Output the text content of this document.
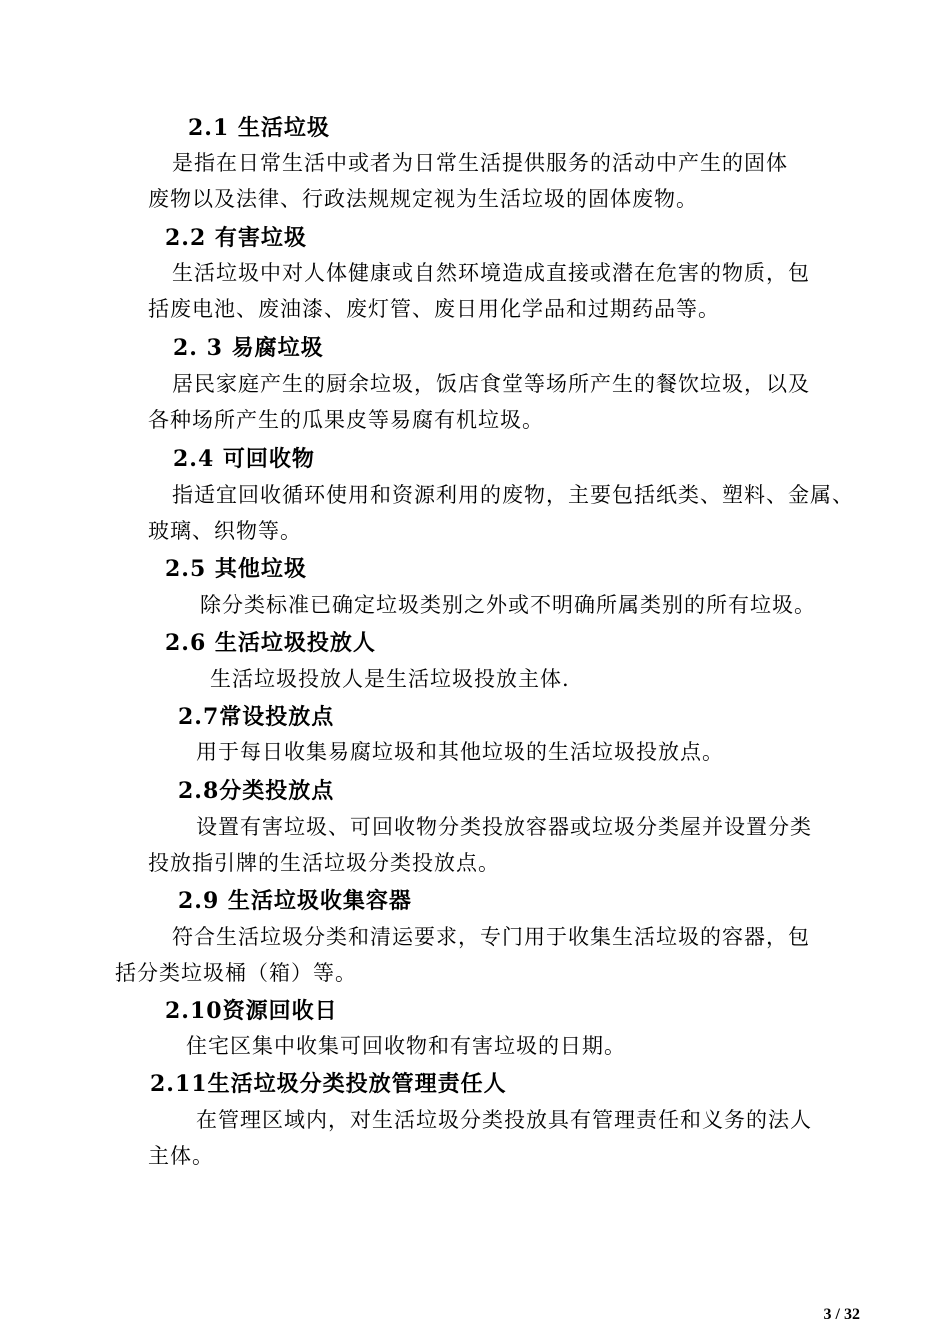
2.1 生活垃圾
是指在日常生活中或者为日常生活提供服务的活动中产生的固体
废物以及法律、行政法规规定视为生活垃圾的固体废物。
2.2 有害垃圾
生活垃圾中对人体健康或自然环境造成直接或潜在危害的物质，包
括废电池、废油漆、废灯管、废日用化学品和过期药品等。
2. 3 易腐垃圾
居民家庭产生的厨余垃圾，饭店食堂等场所产生的餐饮垃圾，以及
各种场所产生的瓜果皮等易腐有机垃圾。
2.4 可回收物
指适宜回收循环使用和资源利用的废物，主要包括纸类、塑料、金属、
玻璃、织物等。
2.5 其他垃圾
除分类标准已确定垃圾类别之外或不明确所属类别的所有垃圾。
2.6 生活垃圾投放人
生活垃圾投放人是生活垃圾投放主体.
2.7常设投放点
用于每日收集易腐垃圾和其他垃圾的生活垃圾投放点。
2.8分类投放点
设置有害垃圾、可回收物分类投放容器或垃圾分类屋并设置分类
投放指引牌的生活垃圾分类投放点。
2.9 生活垃圾收集容器
符合生活垃圾分类和清运要求，专门用于收集生活垃圾的容器，包
括分类垃圾桶（箱）等。
2.10资源回收日
住宅区集中收集可回收物和有害垃圾的日期。
2.11生活垃圾分类投放管理责任人
在管理区域内，对生活垃圾分类投放具有管理责任和义务的法人
主体。
3 / 32
